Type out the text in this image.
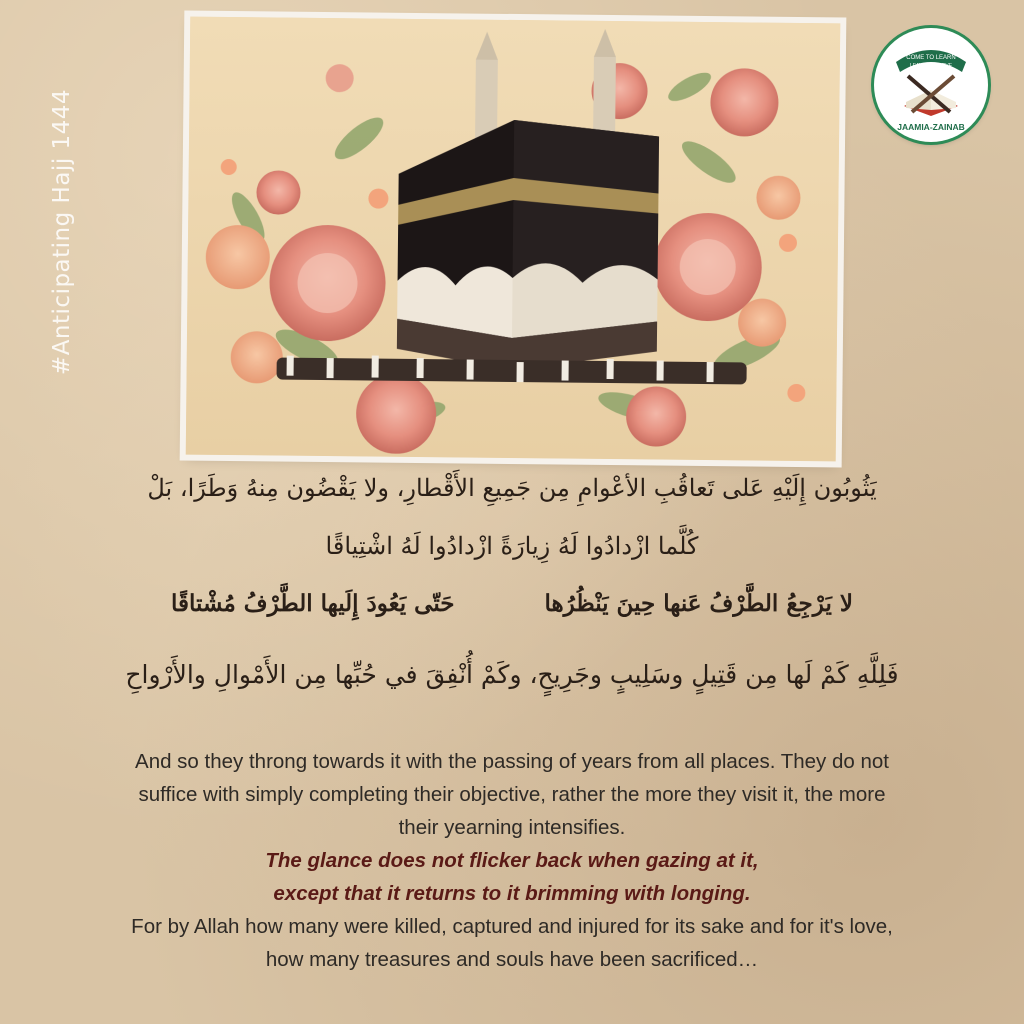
#Anticipating Hajj 1444
COME TO LEARN
LEAVE TO SERVE
JAAMIA-ZAINAB
يَثُوبُون إِلَيْهِ عَلى تَعاقُبِ الأعْوامِ مِن جَمِيعِ الأَقْطارِ، ولا يَقْضُون مِنهُ وَطَرًا، بَلْ
كُلَّما ازْدادُوا لَهُ زِيارَةً ازْدادُوا لَهُ اشْتِياقًا
لا يَرْجِعُ الطَّرْفُ عَنها حِينَ يَنْظُرُها
حَتّى يَعُودَ إِلَيها الطَّرْفُ مُشْتاقًا
فَلِلَّهِ كَمْ لَها مِن قَتِيلٍ وسَلِيبٍ وجَرِيحٍ، وكَمْ أُنْفِقَ في حُبِّها مِن الأَمْوالِ والأَرْواحِ

And so they throng towards it with the passing of years from all places. They do not

suffice with simply completing their objective, rather the more they visit it, the more

their yearning intensifies.

The glance does not flicker back when gazing at it,

except that it returns to it brimming with longing.

For by Allah how many were killed, captured and injured for its sake and for it's love,

how many treasures and souls have been sacrificed…
